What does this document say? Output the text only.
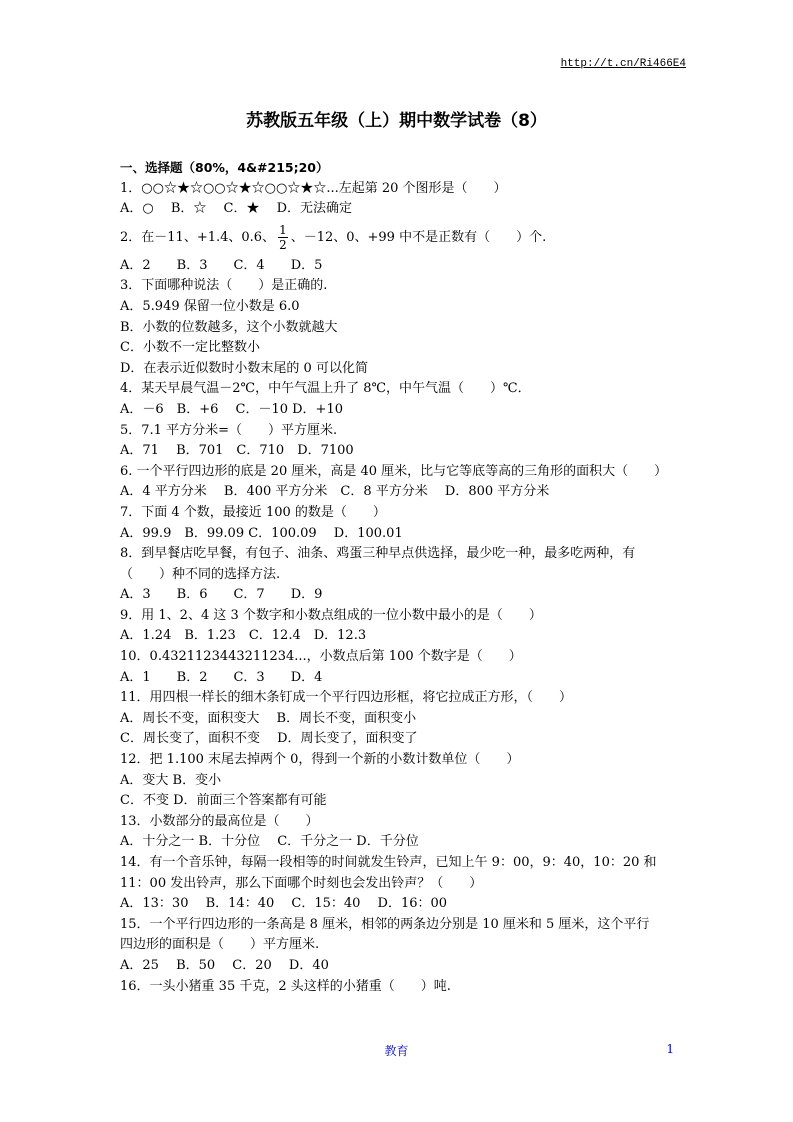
http://t.cn/Ri466E4
苏教版五年级（上）期中数学试卷（8）
一、选择题（80%，4&#215;20）
1．○○☆★☆○○☆★☆○○☆★☆...左起第 20 个图形是（　　）
A．○　 B．☆　 C．★　 D．无法确定
2．在－11、+1.4、0.6、 $\frac{1}{2}$ 、－12、0、+99 中不是正数有（　　）个.
A．2　　B．3　　C．4　　D．5
3．下面哪种说法（　　）是正确的.
A．5.949 保留一位小数是 6.0
B．小数的位数越多，这个小数就越大
C．小数不一定比整数小
D．在表示近似数时小数末尾的 0 可以化简
4．某天早晨气温－2℃，中午气温上升了 8℃，中午气温（　　）℃．
A．－6　B．+6　 C．－10 D．+10
5．7.1 平方分米=（　　）平方厘米.
A．71　 B．701　C．710　D．7100
6. 一个平行四边形的底是 20 厘米，高是 40 厘米，比与它等底等高的三角形的面积大（　　）
A．4 平方分米　 B．400 平方分米　C．8 平方分米　 D．800 平方分米
7．下面 4 个数，最接近 100 的数是（　　）
A．99.9　B．99.09 C．100.09　 D．100.01
8．到早餐店吃早餐，有包子、油条、鸡蛋三种早点供选择，最少吃一种，最多吃两种，有
（　　）种不同的选择方法.
A．3　　B．6　　C．7　　D．9
9．用 1、2、4 这 3 个数字和小数点组成的一位小数中最小的是（　　）
A．1.24　B．1.23　C．12.4　D．12.3
10．0.4321123443211234...，小数点后第 100 个数字是（　　）
A．1　　B．2　　C．3　　D．4
11．用四根一样长的细木条钉成一个平行四边形框，将它拉成正方形，（　　）
A．周长不变，面积变大　 B．周长不变，面积变小
C．周长变了，面积不变　 D．周长变了，面积变了
12．把 1.100 末尾去掉两个 0，得到一个新的小数计数单位（　　）
A．变大 B．变小
C．不变 D．前面三个答案都有可能
13．小数部分的最高位是（　　）
A．十分之一 B．十分位　 C．千分之一 D．千分位
14．有一个音乐钟，每隔一段相等的时间就发生铃声，已知上午 9：00，9：40，10：20 和
11：00 发出铃声，那么下面哪个时刻也会发出铃声？（　　）
A．13：30　 B．14：40　 C．15：40　 D．16：00
15．一个平行四边形的一条高是 8 厘米，相邻的两条边分别是 10 厘米和 5 厘米，这个平行
四边形的面积是（　　）平方厘米.
A．25　 B．50　 C．20　 D．40
16．一头小猪重 35 千克，2 头这样的小猪重（　　）吨.
教育	1
